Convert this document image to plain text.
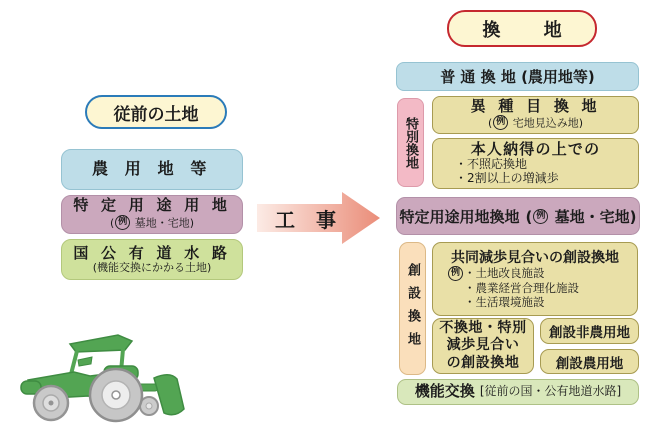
従前の土地
農 用 地 等
特 定 用 途 用 地
( 例 墓地・宅地)
国 公 有 道 水 路
(機能交換にかかる土地)
工 事
換　地
普 通 換 地 (農用地等)
特別換地
異 種 目 換 地
( 例 宅地見込み地)
本人納得の上での
・不照応換地
・2割以上の増減歩
特定用途用地換地 ( 例 墓地・宅地)
創設換地
共同減歩見合いの創設換地
例 ・土地改良施設
・農業経営合理化施設
・生活環境施設
不換地・特別
減歩見合い
の創設換地
創設非農用地
創設農用地
機能交換 [従前の国・公有地道水路]
